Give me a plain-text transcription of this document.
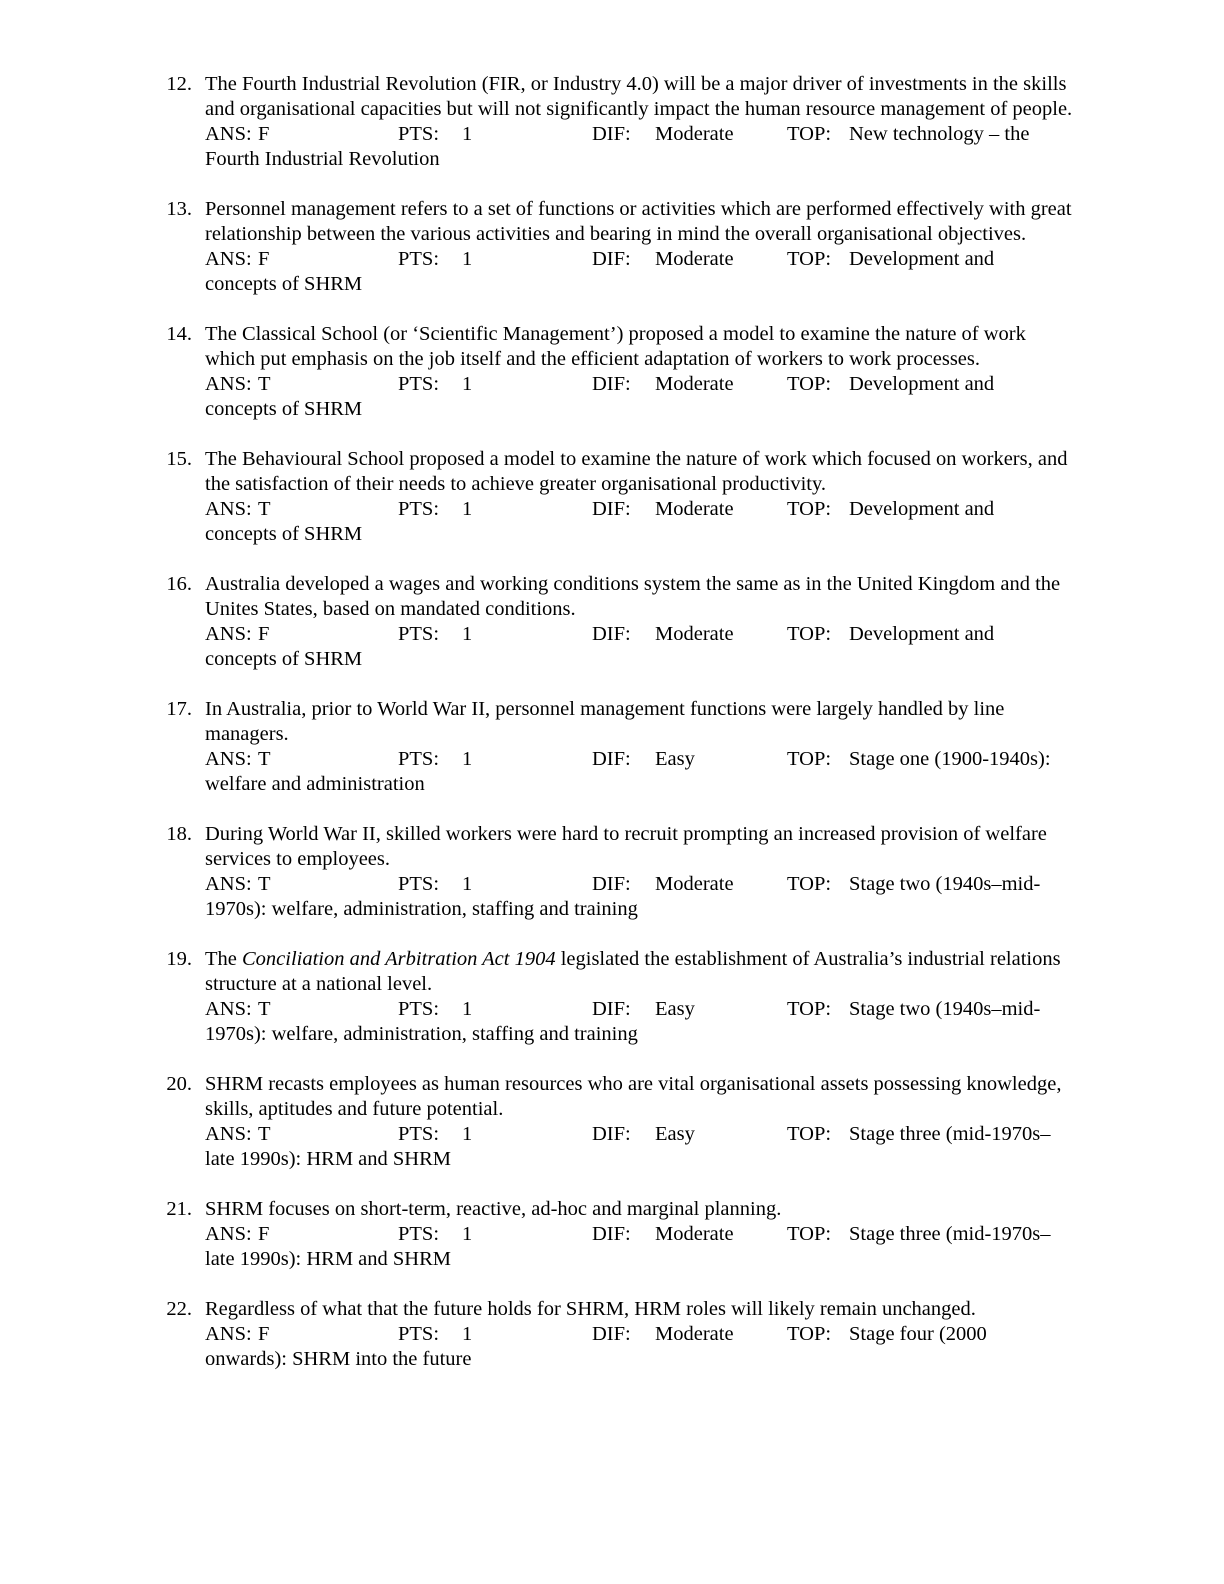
12. The Fourth Industrial Revolution (FIR, or Industry 4.0) will be a major driver of investments in the skills and organisational capacities but will not significantly impact the human resource management of people.

ANS: F	PTS: 1	DIF: Moderate	TOP: New technology – the

Fourth Industrial Revolution

13. Personnel management refers to a set of functions or activities which are performed effectively with great relationship between the various activities and bearing in mind the overall organisational objectives.

ANS: F	PTS: 1	DIF: Moderate	TOP: Development and

concepts of SHRM

14. The Classical School (or ‘Scientific Management’) proposed a model to examine the nature of work which put emphasis on the job itself and the efficient adaptation of workers to work processes.

ANS: T	PTS: 1	DIF: Moderate	TOP: Development and

concepts of SHRM

15. The Behavioural School proposed a model to examine the nature of work which focused on workers, and the satisfaction of their needs to achieve greater organisational productivity.

ANS: T	PTS: 1	DIF: Moderate	TOP: Development and

concepts of SHRM

16. Australia developed a wages and working conditions system the same as in the United Kingdom and the Unites States, based on mandated conditions.

ANS: F	PTS: 1	DIF: Moderate	TOP: Development and

concepts of SHRM

17. In Australia, prior to World War II, personnel management functions were largely handled by line managers.

ANS: T	PTS: 1	DIF: Easy	TOP: Stage one (1900-1940s):

welfare and administration

18. During World War II, skilled workers were hard to recruit prompting an increased provision of welfare services to employees.

ANS: T	PTS: 1	DIF: Moderate	TOP: Stage two (1940s–mid-

1970s): welfare, administration, staffing and training

19. The Conciliation and Arbitration Act 1904 legislated the establishment of Australia’s industrial relations structure at a national level.

ANS: T	PTS: 1	DIF: Easy	TOP: Stage two (1940s–mid-

1970s): welfare, administration, staffing and training

20. SHRM recasts employees as human resources who are vital organisational assets possessing knowledge, skills, aptitudes and future potential.

ANS: T	PTS: 1	DIF: Easy	TOP: Stage three (mid-1970s–

late 1990s): HRM and SHRM

21. SHRM focuses on short-term, reactive, ad-hoc and marginal planning.

ANS: F	PTS: 1	DIF: Moderate	TOP: Stage three (mid-1970s–

late 1990s): HRM and SHRM

22. Regardless of what that the future holds for SHRM, HRM roles will likely remain unchanged.

ANS: F	PTS: 1	DIF: Moderate	TOP: Stage four (2000

onwards): SHRM into the future
